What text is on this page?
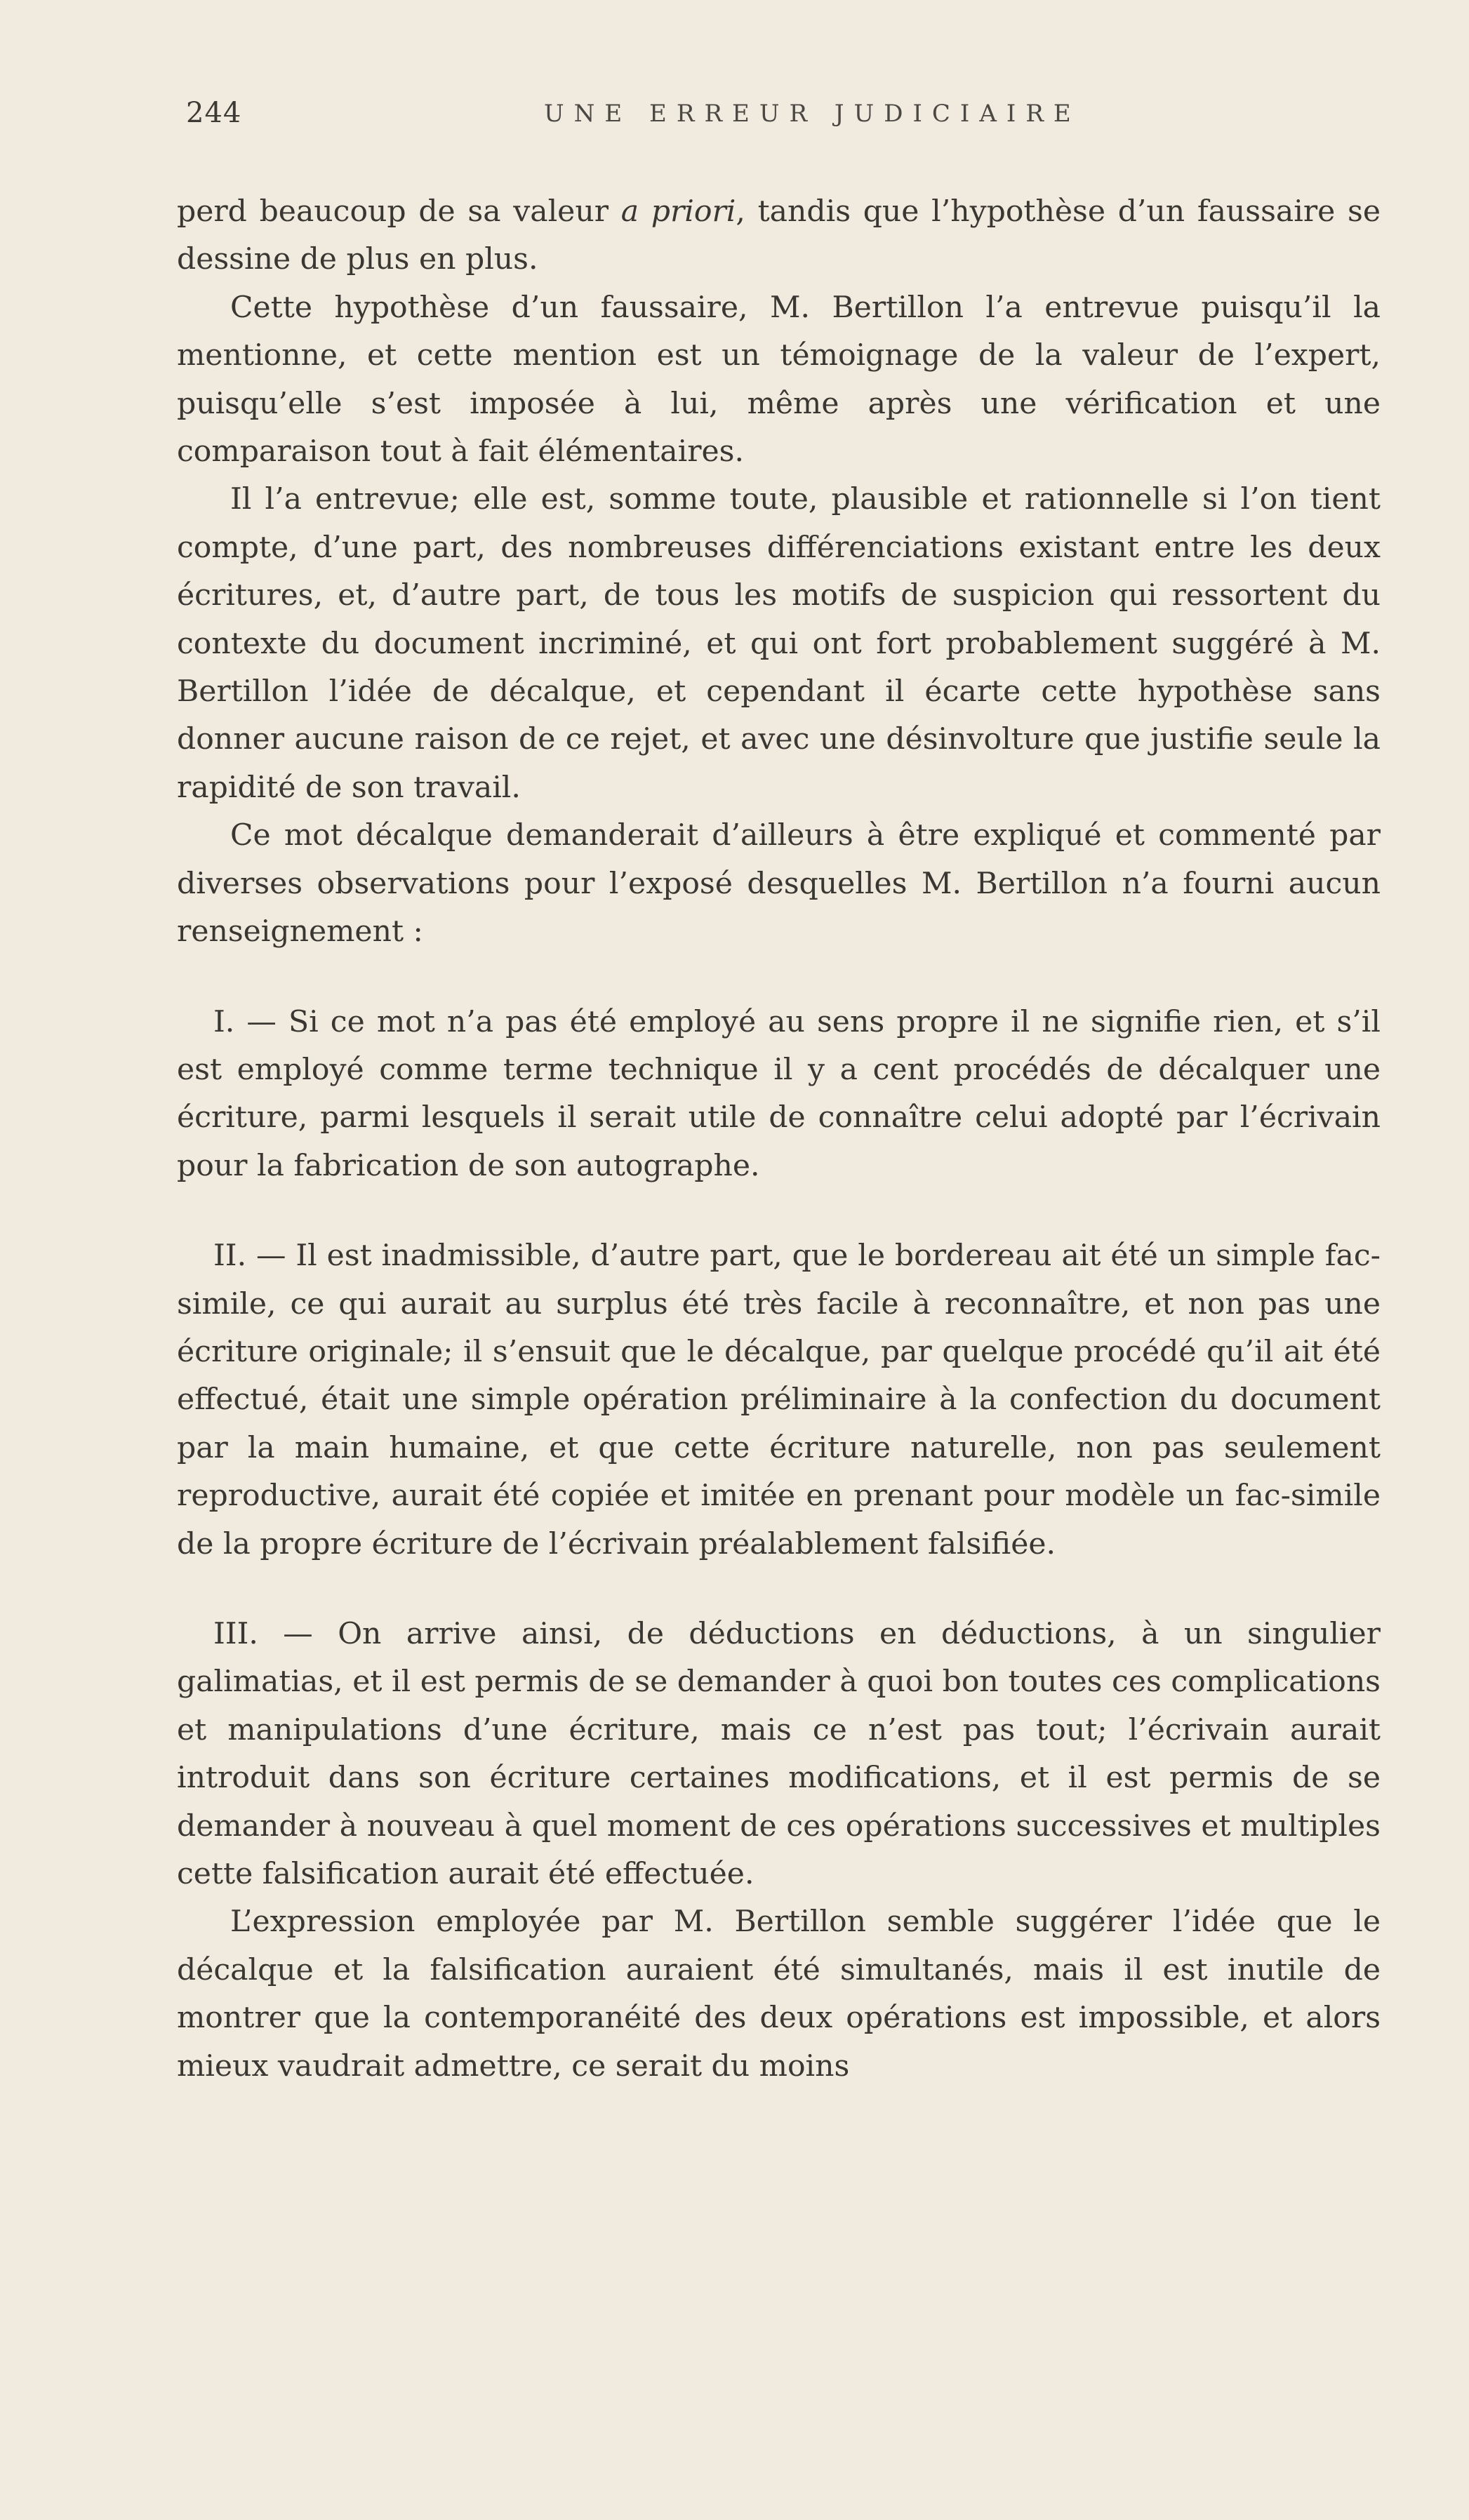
244	UNE ERREUR JUDICIAIRE

perd beaucoup de sa valeur a priori, tandis que l’hypothèse d’un faussaire se dessine de plus en plus.

Cette hypothèse d’un faussaire, M. Bertillon l’a entrevue puisqu’il la mentionne, et cette mention est un témoignage de la valeur de l’expert, puisqu’elle s’est imposée à lui, même après une vérification et une comparaison tout à fait élémentaires.

Il l’a entrevue; elle est, somme toute, plausible et rationnelle si l’on tient compte, d’une part, des nombreuses différenciations existant entre les deux écritures, et, d’autre part, de tous les motifs de suspicion qui ressortent du contexte du document incriminé, et qui ont fort probablement suggéré à M. Bertillon l’idée de décalque, et cependant il écarte cette hypothèse sans donner aucune raison de ce rejet, et avec une désinvolture que justifie seule la rapidité de son travail.

Ce mot décalque demanderait d’ailleurs à être expliqué et commenté par diverses observations pour l’exposé desquelles M. Bertillon n’a fourni aucun renseignement :

I. — Si ce mot n’a pas été employé au sens propre il ne signifie rien, et s’il est employé comme terme technique il y a cent procédés de décalquer une écriture, parmi lesquels il serait utile de connaître celui adopté par l’écrivain pour la fabrication de son autographe.

II. — Il est inadmissible, d’autre part, que le bordereau ait été un simple fac-simile, ce qui aurait au surplus été très facile à reconnaître, et non pas une écriture originale; il s’ensuit que le décalque, par quelque procédé qu’il ait été effectué, était une simple opération préliminaire à la confection du document par la main humaine, et que cette écriture naturelle, non pas seulement reproductive, aurait été copiée et imitée en prenant pour modèle un fac-simile de la propre écriture de l’écrivain préalablement falsifiée.

III. — On arrive ainsi, de déductions en déductions, à un singulier galimatias, et il est permis de se demander à quoi bon toutes ces complications et manipulations d’une écriture, mais ce n’est pas tout; l’écrivain aurait introduit dans son écriture certaines modifications, et il est permis de se demander à nouveau à quel moment de ces opérations successives et multiples cette falsification aurait été effectuée.

L’expression employée par M. Bertillon semble suggérer l’idée que le décalque et la falsification auraient été simultanés, mais il est inutile de montrer que la contemporanéité des deux opérations est impossible, et alors mieux vaudrait admettre, ce serait du moins
